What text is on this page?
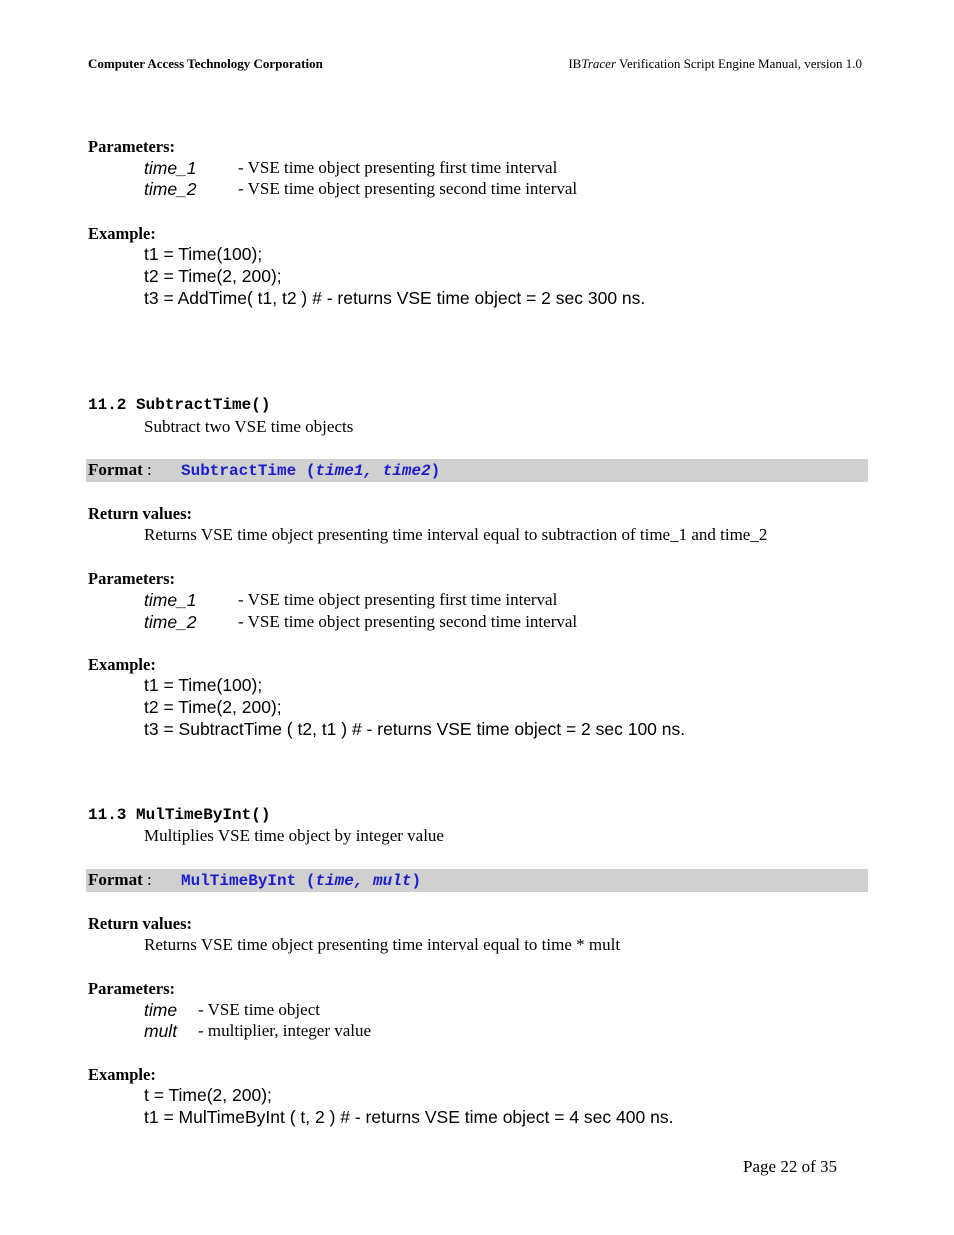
Computer Access Technology Corporation	IBTracer Verification Script Engine Manual, version 1.0
Parameters:
time_1 - VSE time object presenting first time interval
time_2 - VSE time object presenting second time interval
Example:
t1 = Time(100);
t2 = Time(2, 200);
t3 = AddTime( t1, t2 ) # - returns VSE time object = 2 sec 300 ns.
11.2 SubtractTime()
Subtract two VSE time objects
Format : SubtractTime (time1, time2)
Return values:
Returns VSE time object presenting time interval equal to subtraction of time_1 and time_2
Parameters:
time_1 - VSE time object presenting first time interval
time_2 - VSE time object presenting second time interval
Example:
t1 = Time(100);
t2 = Time(2, 200);
t3 = SubtractTime ( t2, t1 ) # - returns VSE time object = 2 sec 100 ns.
11.3 MulTimeByInt()
Multiplies VSE time object by integer value
Format : MulTimeByInt (time, mult)
Return values:
Returns VSE time object presenting time interval equal to time * mult
Parameters:
time - VSE time object
mult - multiplier, integer value
Example:
t = Time(2, 200);
t1 = MulTimeByInt ( t, 2 ) # - returns VSE time object = 4 sec 400 ns.
Page 22 of 35
